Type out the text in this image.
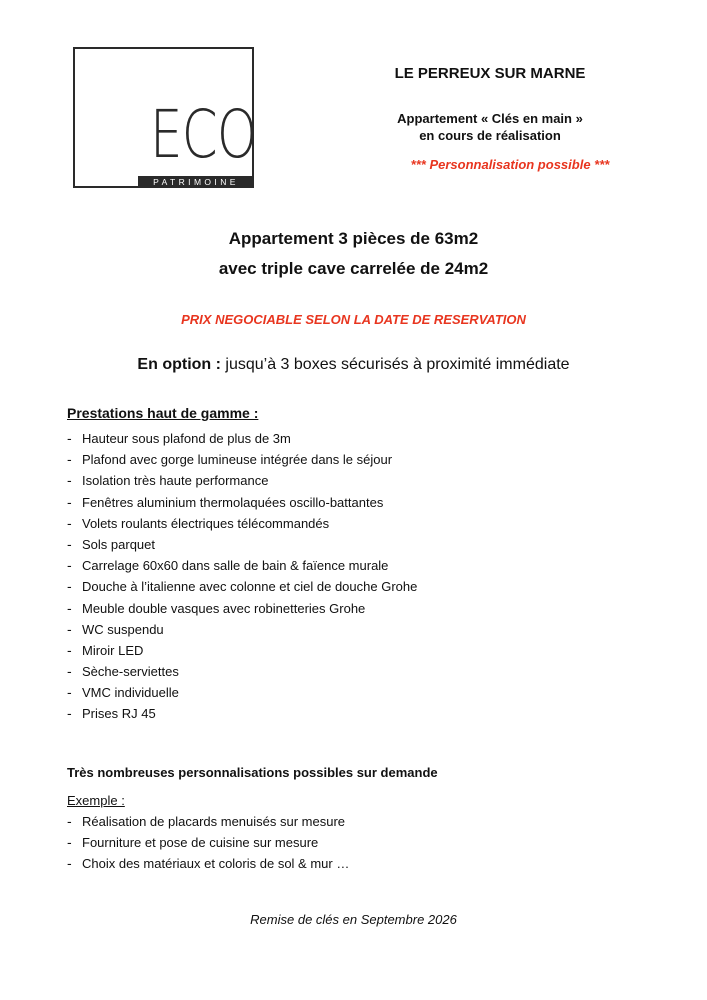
ECO
PATRIMOINE
LE PERREUX SUR MARNE
Appartement « Clés en main »
en cours de réalisation
*** Personnalisation possible ***
Appartement 3 pièces de 63m2
avec triple cave carrelée de 24m2
PRIX NEGOCIABLE SELON LA DATE DE RESERVATION
En option : jusqu’à 3 boxes sécurisés à proximité immédiate
Prestations haut de gamme :
- Hauteur sous plafond de plus de 3m
- Plafond avec gorge lumineuse intégrée dans le séjour
- Isolation très haute performance
- Fenêtres aluminium thermolaquées oscillo-battantes
- Volets roulants électriques télécommandés
- Sols parquet
- Carrelage 60x60 dans salle de bain & faïence murale
- Douche à l’italienne avec colonne et ciel de douche Grohe
- Meuble double vasques avec robinetteries Grohe
- WC suspendu
- Miroir LED
- Sèche-serviettes
- VMC individuelle
- Prises RJ 45
Très nombreuses personnalisations possibles sur demande
Exemple :
- Réalisation de placards menuisés sur mesure
- Fourniture et pose de cuisine sur mesure
- Choix des matériaux et coloris de sol & mur …
Remise de clés en Septembre 2026
